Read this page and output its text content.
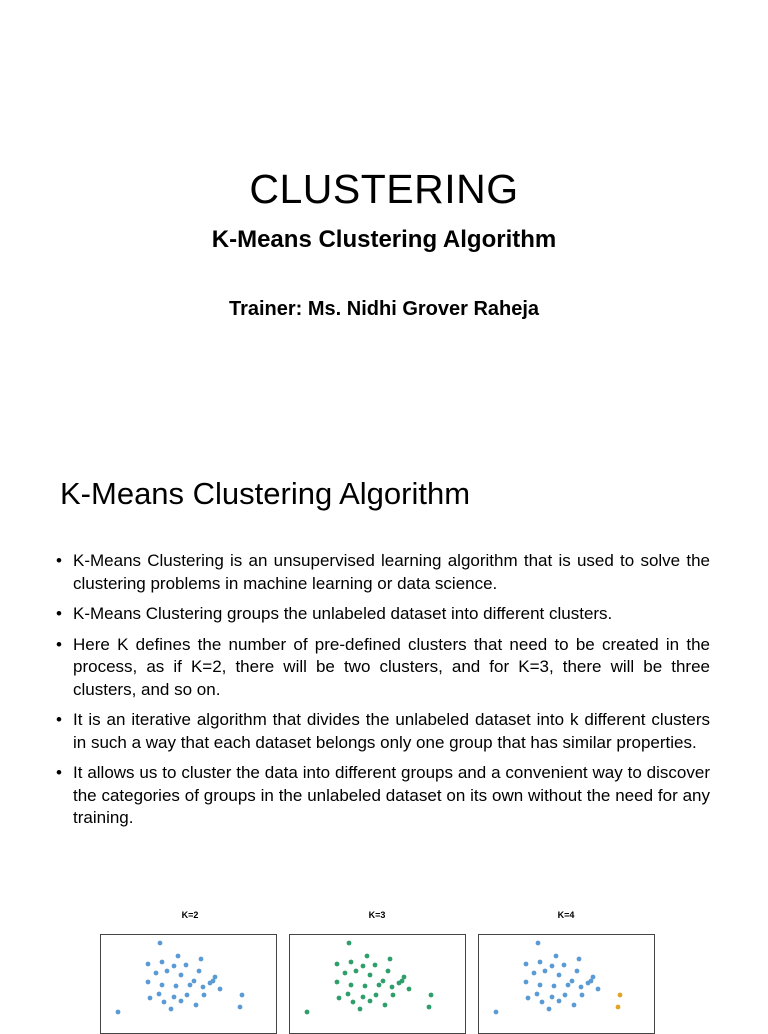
CLUSTERING
K-Means Clustering Algorithm
Trainer: Ms. Nidhi Grover Raheja
K-Means Clustering Algorithm
• K-Means Clustering is an unsupervised learning algorithm that is used to solve the clustering problems in machine learning or data science.
• K-Means Clustering groups the unlabeled dataset into different clusters.
• Here K defines the number of pre-defined clusters that need to be created in the process, as if K=2, there will be two clusters, and for K=3, there will be three clusters, and so on.
• It is an iterative algorithm that divides the unlabeled dataset into k different clusters in such a way that each dataset belongs only one group that has similar properties.
• It allows us to cluster the data into different groups and a convenient way to discover the categories of groups in the unlabeled dataset on its own without the need for any training.
K=2	K=3	K=4
